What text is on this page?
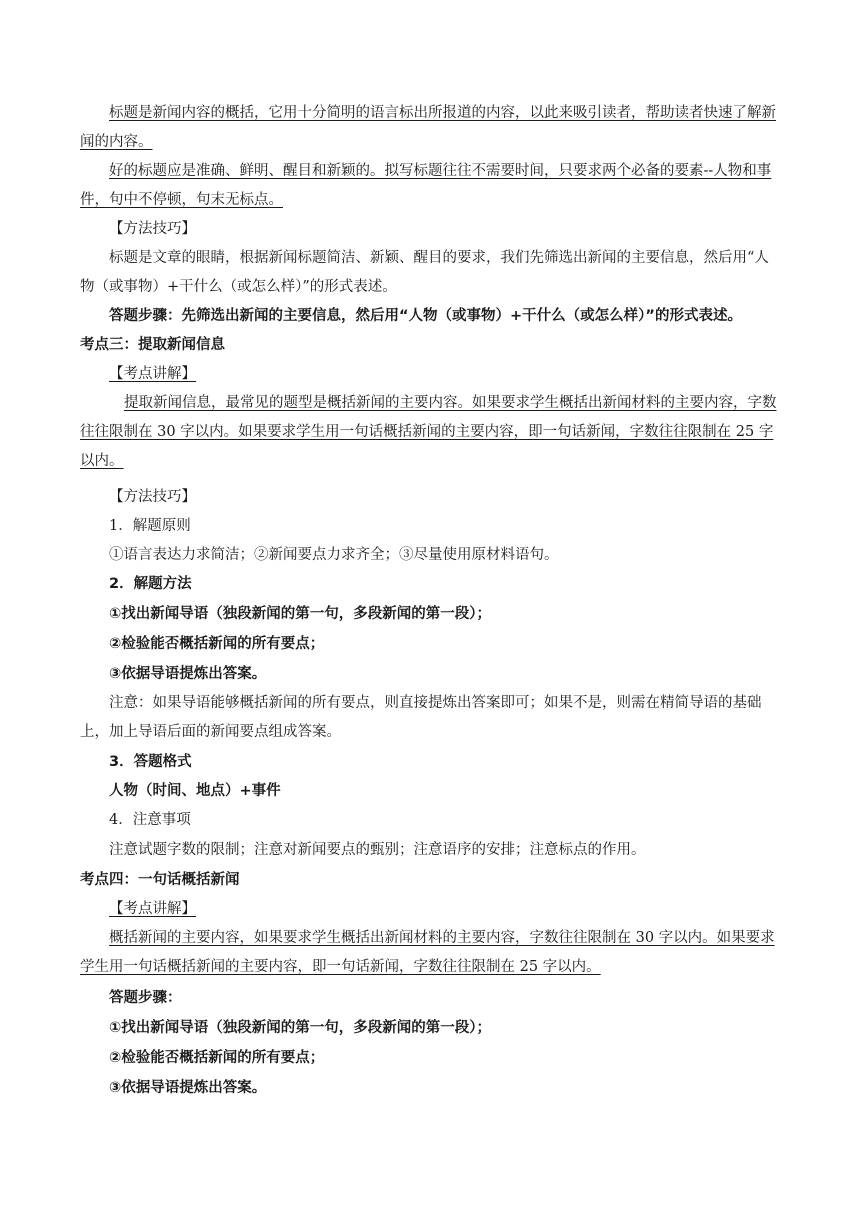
标题是新闻内容的概括，它用十分简明的语言标出所报道的内容，以此来吸引读者，帮助读者快速了解新闻的内容。

好的标题应是准确、鲜明、醒目和新颖的。拟写标题往往不需要时间，只要求两个必备的要素--人物和事件，句中不停顿，句末无标点。

【方法技巧】

标题是文章的眼睛，根据新闻标题简洁、新颖、醒目的要求，我们先筛选出新闻的主要信息，然后用“人物（或事物）+干什么（或怎么样）”的形式表述。

答题步骤：先筛选出新闻的主要信息，然后用“人物（或事物）+干什么（或怎么样）”的形式表述。

考点三：提取新闻信息

【考点讲解】

提取新闻信息，最常见的题型是概括新闻的主要内容。如果要求学生概括出新闻材料的主要内容，字数往往限制在 30 字以内。如果要求学生用一句话概括新闻的主要内容，即一句话新闻，字数往往限制在 25 字以内。

【方法技巧】

1．解题原则

①语言表达力求简洁；②新闻要点力求齐全；③尽量使用原材料语句。

2．解题方法

①找出新闻导语（独段新闻的第一句，多段新闻的第一段）；

②检验能否概括新闻的所有要点；

③依据导语提炼出答案。

注意：如果导语能够概括新闻的所有要点，则直接提炼出答案即可；如果不是，则需在精简导语的基础上，加上导语后面的新闻要点组成答案。

3．答题格式

人物（时间、地点）+事件

4．注意事项

注意试题字数的限制；注意对新闻要点的甄别；注意语序的安排；注意标点的作用。

考点四：一句话概括新闻

【考点讲解】

概括新闻的主要内容，如果要求学生概括出新闻材料的主要内容，字数往往限制在 30 字以内。如果要求学生用一句话概括新闻的主要内容，即一句话新闻，字数往往限制在 25 字以内。

答题步骤：

①找出新闻导语（独段新闻的第一句，多段新闻的第一段）；

②检验能否概括新闻的所有要点；

③依据导语提炼出答案。
